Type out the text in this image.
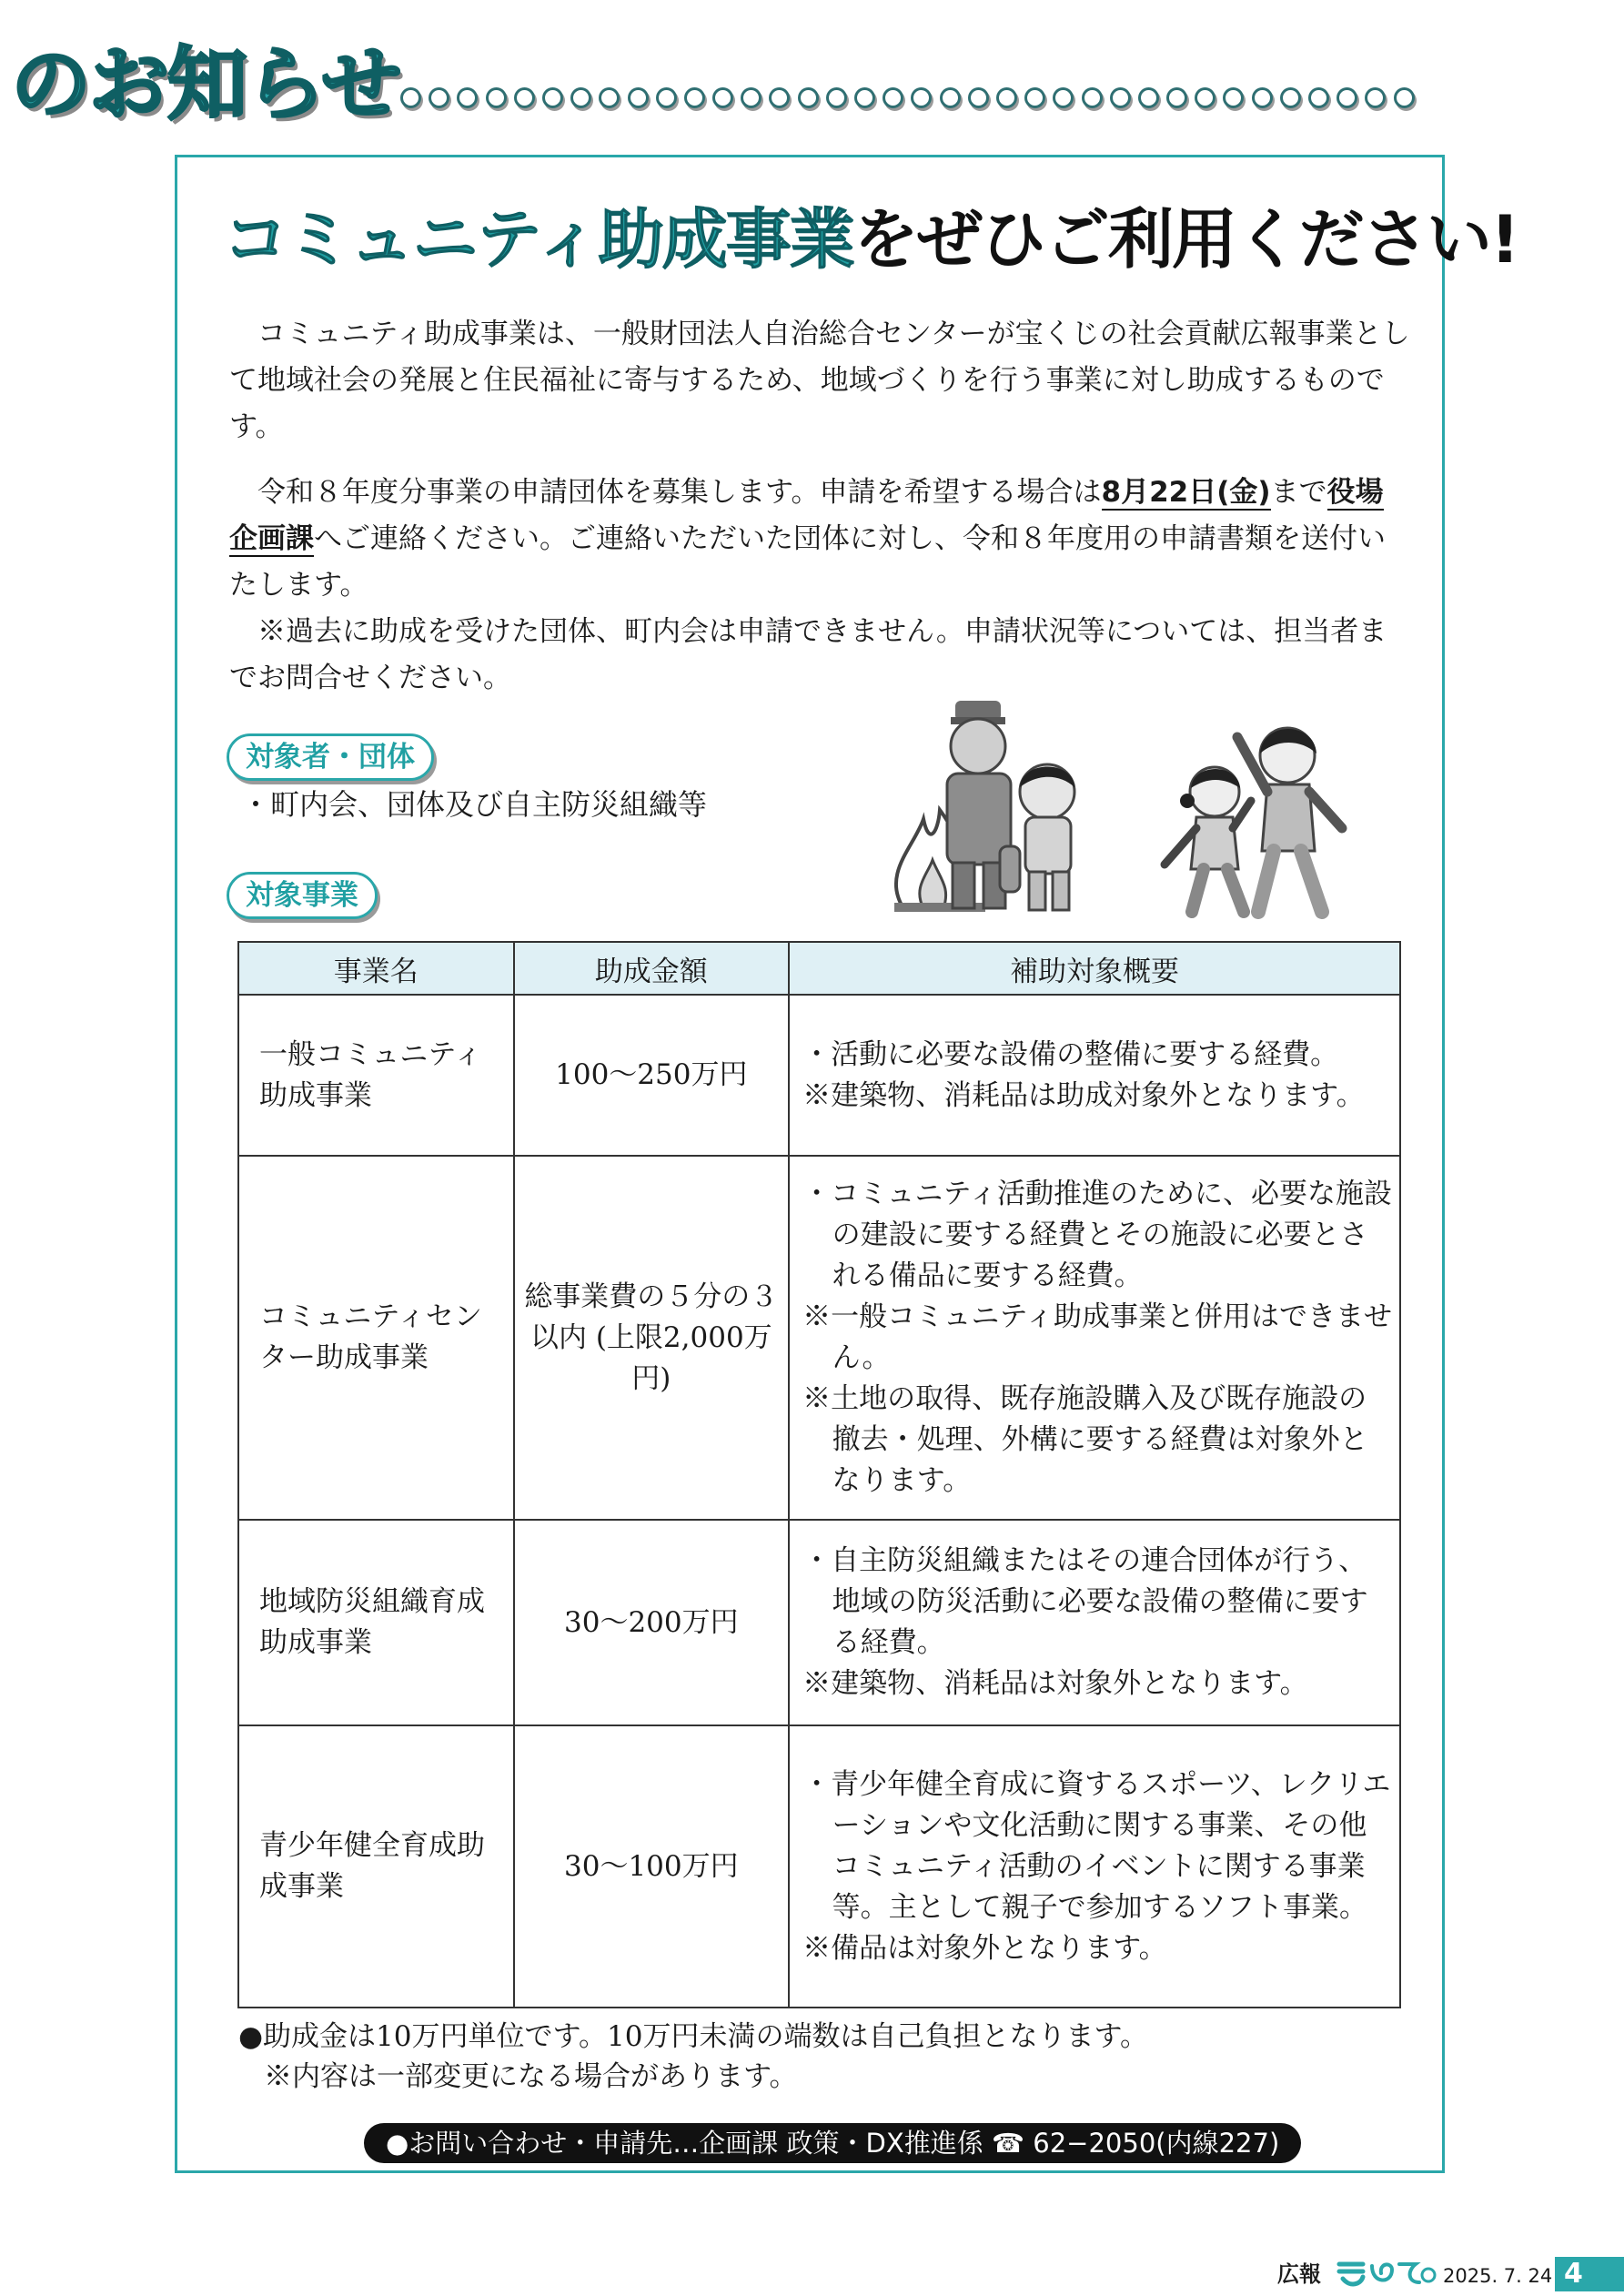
のお知らせ
コミュニティ助成事業をぜひご利用ください!

コミュニティ助成事業は、一般財団法人自治総合センターが宝くじの社会貢献広報事業として地域社会の発展と住民福祉に寄与するため、地域づくりを行う事業に対し助成するものです。

令和８年度分事業の申請団体を募集します。申請を希望する場合は8月22日(金)まで役場企画課へご連絡ください。ご連絡いただいた団体に対し、令和８年度用の申請書類を送付いたします。

※過去に助成を受けた団体、町内会は申請できません。申請状況等については、担当者までお問合せください。

対象者・団体
・町内会、団体及び自主防災組織等
対象事業
事業名	助成金額	補助対象概要
一般コミュニティ助成事業	100〜250万円	・活動に必要な設備の整備に要する経費。
※建築物、消耗品は助成対象外となります。

コミュニティセンター助成事業	総事業費の５分の３以内 (上限2,000万円)	・コミュニティ活動推進のために、必要な施設の建設に要する経費とその施設に必要とされる備品に要する経費。
※一般コミュニティ助成事業と併用はできません。
※土地の取得、既存施設購入及び既存施設の撤去・処理、外構に要する経費は対象外となります。

地域防災組織育成助成事業	30〜200万円	・自主防災組織またはその連合団体が行う、地域の防災活動に必要な設備の整備に要する経費。
※建築物、消耗品は対象外となります。

青少年健全育成助成事業	30〜100万円	・青少年健全育成に資するスポーツ、レクリエーションや文化活動に関する事業、その他コミュニティ活動のイベントに関する事業等。主として親子で参加するソフト事業。
※備品は対象外となります。
●助成金は10万円単位です。10万円未満の端数は自己負担となります。
※内容は一部変更になる場合があります。
●お問い合わせ・申請先…企画課 政策・DX推進係 ☎ 62−2050(内線227)
広報	2025. 7. 24 4
